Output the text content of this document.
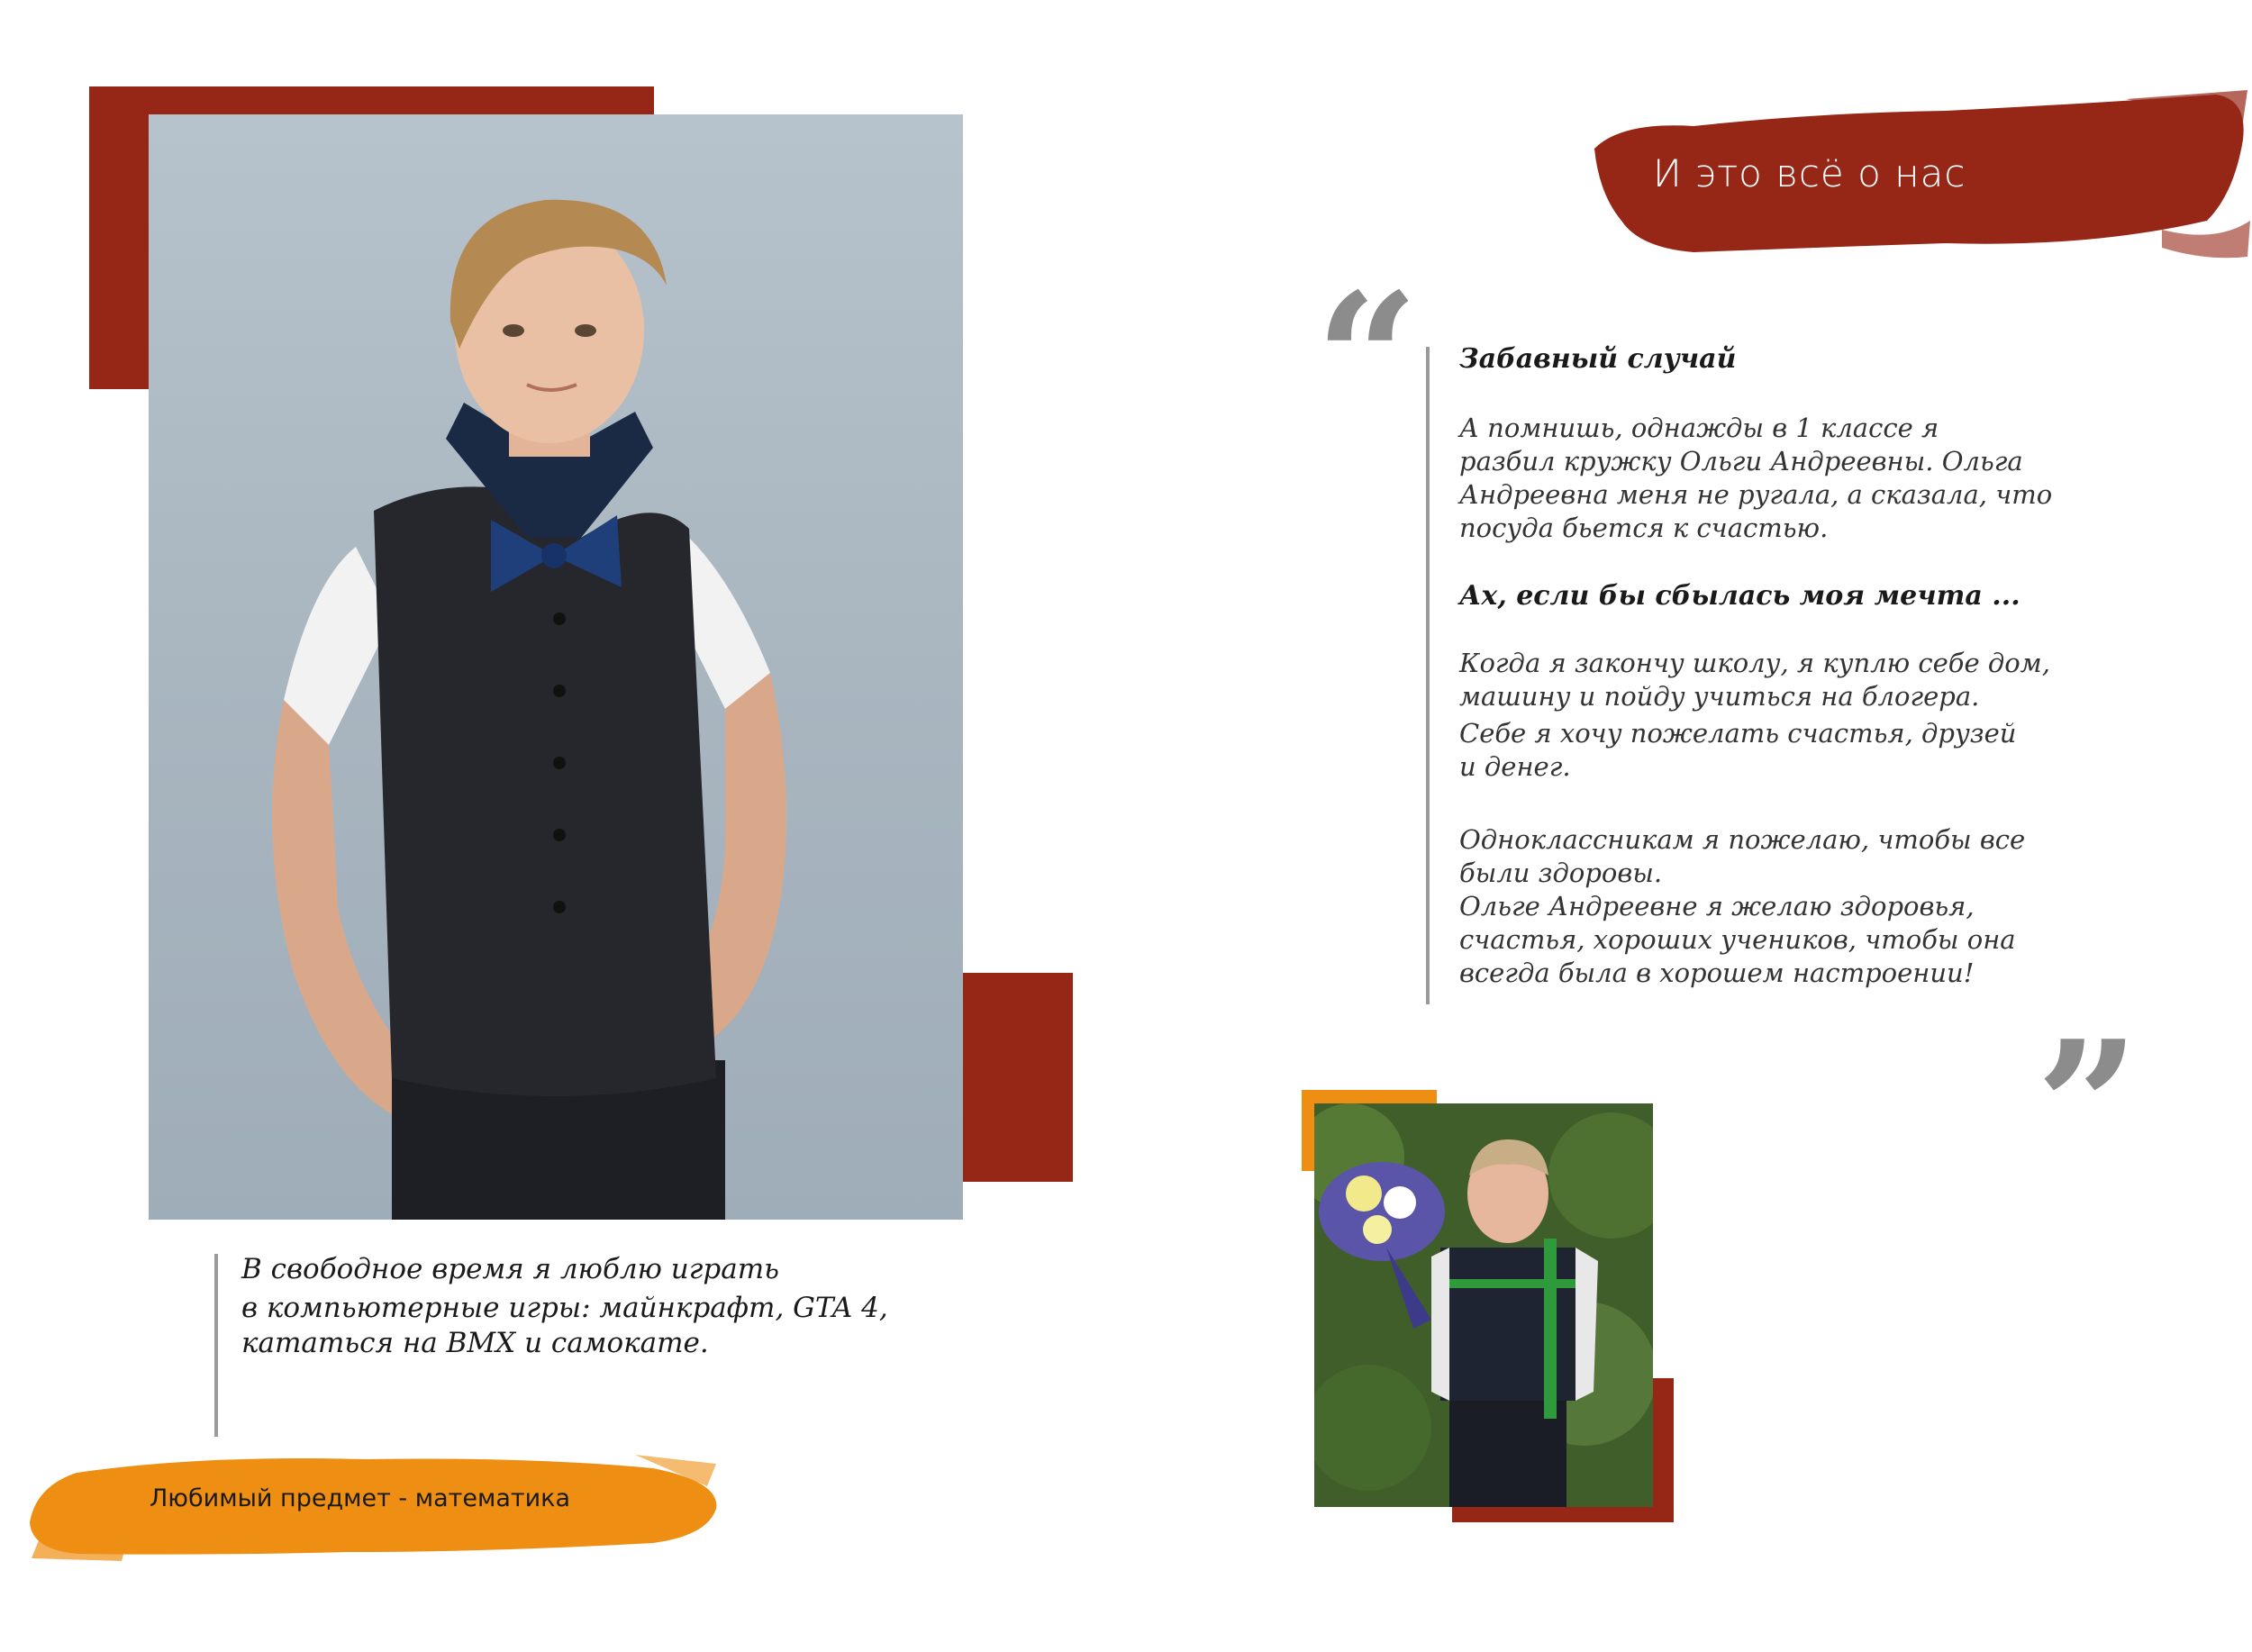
И это всё о нас
“
”
Забавный случай

А помнишь, однажды в 1 классе я

разбил кружку Ольги Андреевны. Ольга

Андреевна меня не ругала, а сказала, что

посуда бьется к счастью.

Ах, если бы сбылась моя мечта ...

Когда я закончу школу, я куплю себе дом,

машину и пойду учиться на блогера.

Себе я хочу пожелать счастья, друзей

и денег.

Одноклассникам я пожелаю, чтобы все

были здоровы.

Ольге Андреевне я желаю здоровья,

счастья, хороших учеников, чтобы она

всегда была в хорошем настроении!

В свободное время я люблю играть
в компьютерные игры: майнкрафт, GTA 4,
кататься на BMX и самокате.
Любимый предмет - математика
